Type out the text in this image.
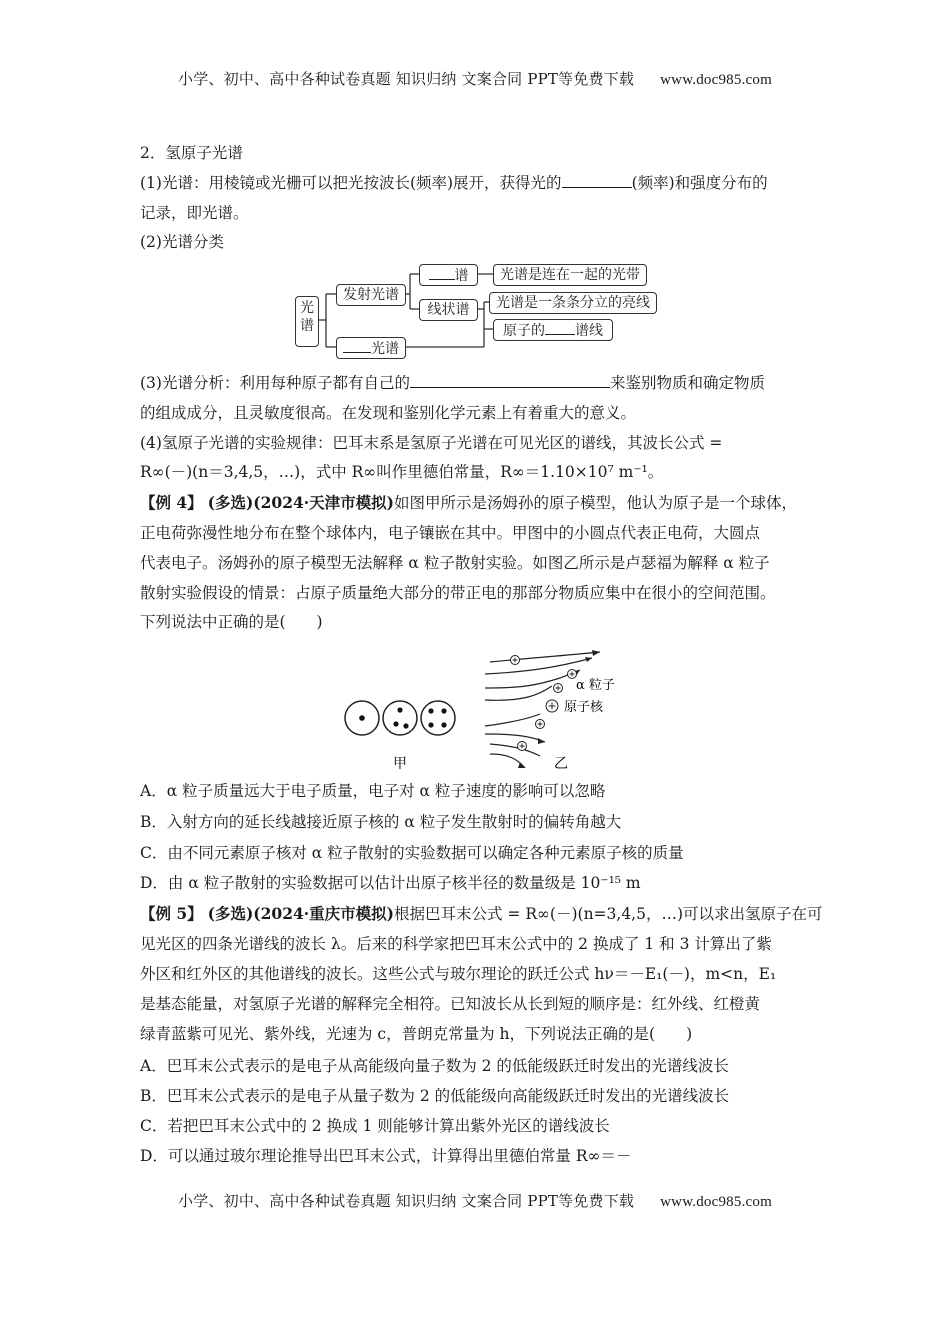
小学、初中、高中各种试卷真题 知识归纳 文案合同 PPT等免费下载 www.doc985.com
2．氢原子光谱
(1)光谱：用棱镜或光栅可以把光按波长(频率)展开，获得光的	(频率)和强度分布的
记录，即光谱。
(2)光谱分类
光谱
发射光谱
谱	光谱是连在一起的光带
线状谱	光谱是一条条分立的亮线
原子的 谱线
光谱
(3)光谱分析：利用每种原子都有自己的	来鉴别物质和确定物质
的组成成分，且灵敏度很高。在发现和鉴别化学元素上有着重大的意义。
(4)氢原子光谱的实验规律：巴耳末系是氢原子光谱在可见光区的谱线，其波长公式 =
R∞(－)(n＝3,4,5，…)，式中 R∞叫作里德伯常量，R∞＝1.10×10⁷ m⁻¹。
【例 4】 (多选)(2024·天津市模拟)如图甲所示是汤姆孙的原子模型，他认为原子是一个球体，
正电荷弥漫性地分布在整个球体内，电子镶嵌在其中。甲图中的小圆点代表正电荷，大圆点
代表电子。汤姆孙的原子模型无法解释 α 粒子散射实验。如图乙所示是卢瑟福为解释 α 粒子
散射实验假设的情景：占原子质量绝大部分的带正电的那部分物质应集中在很小的空间范围。
下列说法中正确的是(　　)
α 粒子
原子核
甲	乙
A．α 粒子质量远大于电子质量，电子对 α 粒子速度的影响可以忽略
B．入射方向的延长线越接近原子核的 α 粒子发生散射时的偏转角越大
C．由不同元素原子核对 α 粒子散射的实验数据可以确定各种元素原子核的质量
D．由 α 粒子散射的实验数据可以估计出原子核半径的数量级是 10⁻¹⁵ m
【例 5】 (多选)(2024·重庆市模拟)根据巴耳末公式 = R∞(－)(n=3,4,5，…)可以求出氢原子在可
见光区的四条光谱线的波长 λ。后来的科学家把巴耳末公式中的 2 换成了 1 和 3 计算出了紫
外区和红外区的其他谱线的波长。这些公式与玻尔理论的跃迁公式 hν＝－E₁(－)，m<n，E₁
是基态能量，对氢原子光谱的解释完全相符。已知波长从长到短的顺序是：红外线、红橙黄
绿青蓝紫可见光、紫外线，光速为 c，普朗克常量为 h，下列说法正确的是(　　)
A．巴耳末公式表示的是电子从高能级向量子数为 2 的低能级跃迁时发出的光谱线波长
B．巴耳末公式表示的是电子从量子数为 2 的低能级向高能级跃迁时发出的光谱线波长
C．若把巴耳末公式中的 2 换成 1 则能够计算出紫外光区的谱线波长
D．可以通过玻尔理论推导出巴耳末公式，计算得出里德伯常量 R∞＝－
小学、初中、高中各种试卷真题 知识归纳 文案合同 PPT等免费下载 www.doc985.com
